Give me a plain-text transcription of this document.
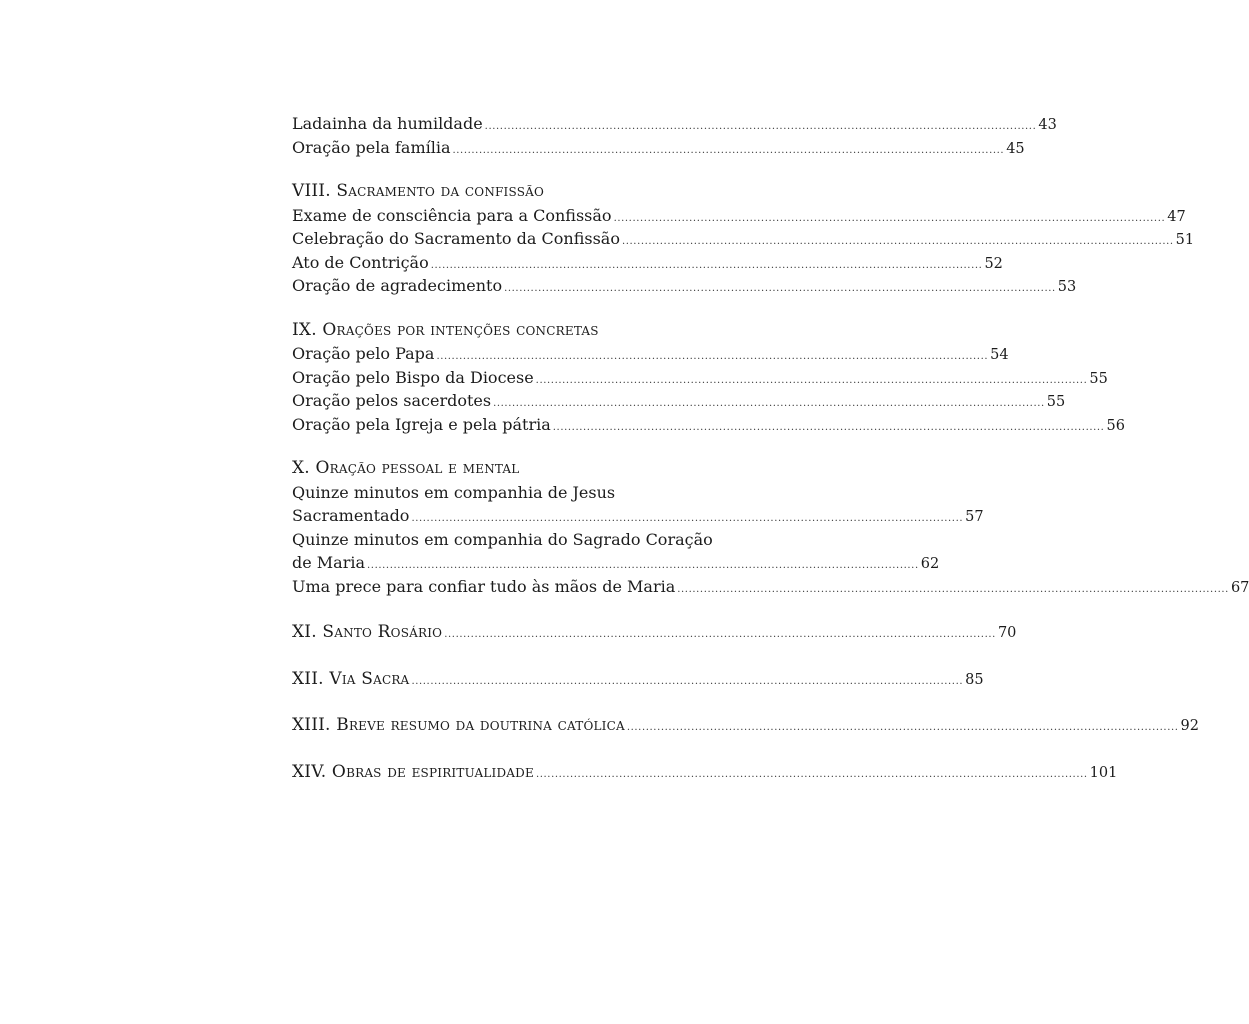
Ladainha da humildade .................................................................................................................................................. 43
Oração pela família .................................................................................................................................................. 45
VIII. Sacramento da confissão
Exame de consciência para a Confissão .................................................................................................................................................. 47
Celebração do Sacramento da Confissão .................................................................................................................................................. 51
Ato de Contrição .................................................................................................................................................. 52
Oração de agradecimento .................................................................................................................................................. 53
IX. Orações por intenções concretas
Oração pelo Papa .................................................................................................................................................. 54
Oração pelo Bispo da Diocese .................................................................................................................................................. 55
Oração pelos sacerdotes .................................................................................................................................................. 55
Oração pela Igreja e pela pátria .................................................................................................................................................. 56
X. Oração pessoal e mental
Quinze minutos em companhia de Jesus
Sacramentado .................................................................................................................................................. 57
Quinze minutos em companhia do Sagrado Coração
de Maria .................................................................................................................................................. 62
Uma prece para confiar tudo às mãos de Maria .................................................................................................................................................. 67
XI. Santo Rosário .................................................................................................................................................. 70
XII. Via Sacra .................................................................................................................................................. 85
XIII. Breve resumo da doutrina católica .................................................................................................................................................. 92
XIV. Obras de espiritualidade .................................................................................................................................................. 101
